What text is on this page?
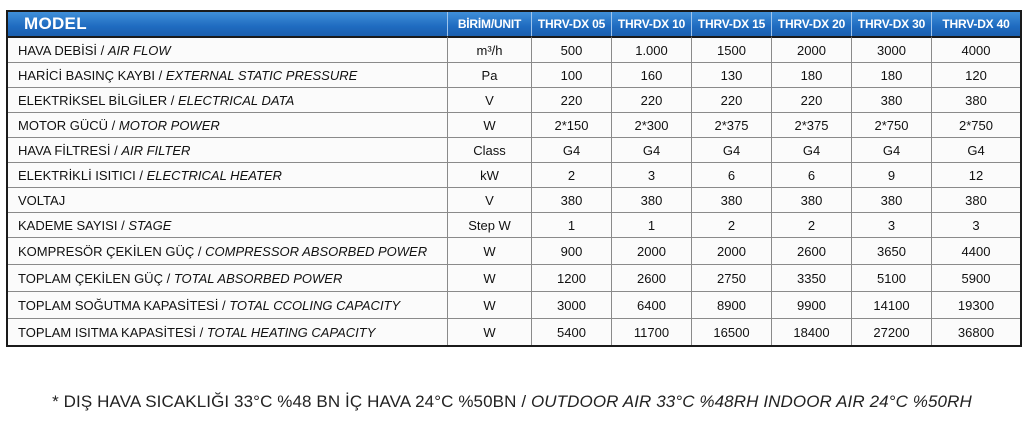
MODEL	BİRİM/UNIT	THRV-DX 05	THRV-DX 10	THRV-DX 15	THRV-DX 20	THRV-DX 30	THRV-DX 40
HAVA DEBİSİ / AIR FLOW	m³/h	500	1.000	1500	2000	3000	4000
HARİCİ BASINÇ KAYBI / EXTERNAL STATIC PRESSURE	Pa	100	160	130	180	180	120
ELEKTRİKSEL BİLGİLER / ELECTRICAL DATA	V	220	220	220	220	380	380
MOTOR GÜCÜ / MOTOR POWER	W	2*150	2*300	2*375	2*375	2*750	2*750
HAVA FİLTRESİ / AIR FILTER	Class	G4	G4	G4	G4	G4	G4
ELEKTRİKLİ ISITICI / ELECTRICAL HEATER	kW	2	3	6	6	9	12
VOLTAJ	V	380	380	380	380	380	380
KADEME SAYISI / STAGE	Step W	1	1	2	2	3	3
KOMPRESÖR ÇEKİLEN GÜÇ / COMPRESSOR ABSORBED POWER	W	900	2000	2000	2600	3650	4400
TOPLAM ÇEKİLEN GÜÇ / TOTAL ABSORBED POWER	W	1200	2600	2750	3350	5100	5900
TOPLAM SOĞUTMA KAPASİTESİ / TOTAL CCOLING CAPACITY	W	3000	6400	8900	9900	14100	19300
TOPLAM ISITMA KAPASİTESİ / TOTAL HEATING CAPACITY	W	5400	11700	16500	18400	27200	36800
* DIŞ HAVA SICAKLIĞI 33°C %48 BN İÇ HAVA 24°C %50BN / OUTDOOR AIR 33°C %48RH INDOOR AIR 24°C %50RH
